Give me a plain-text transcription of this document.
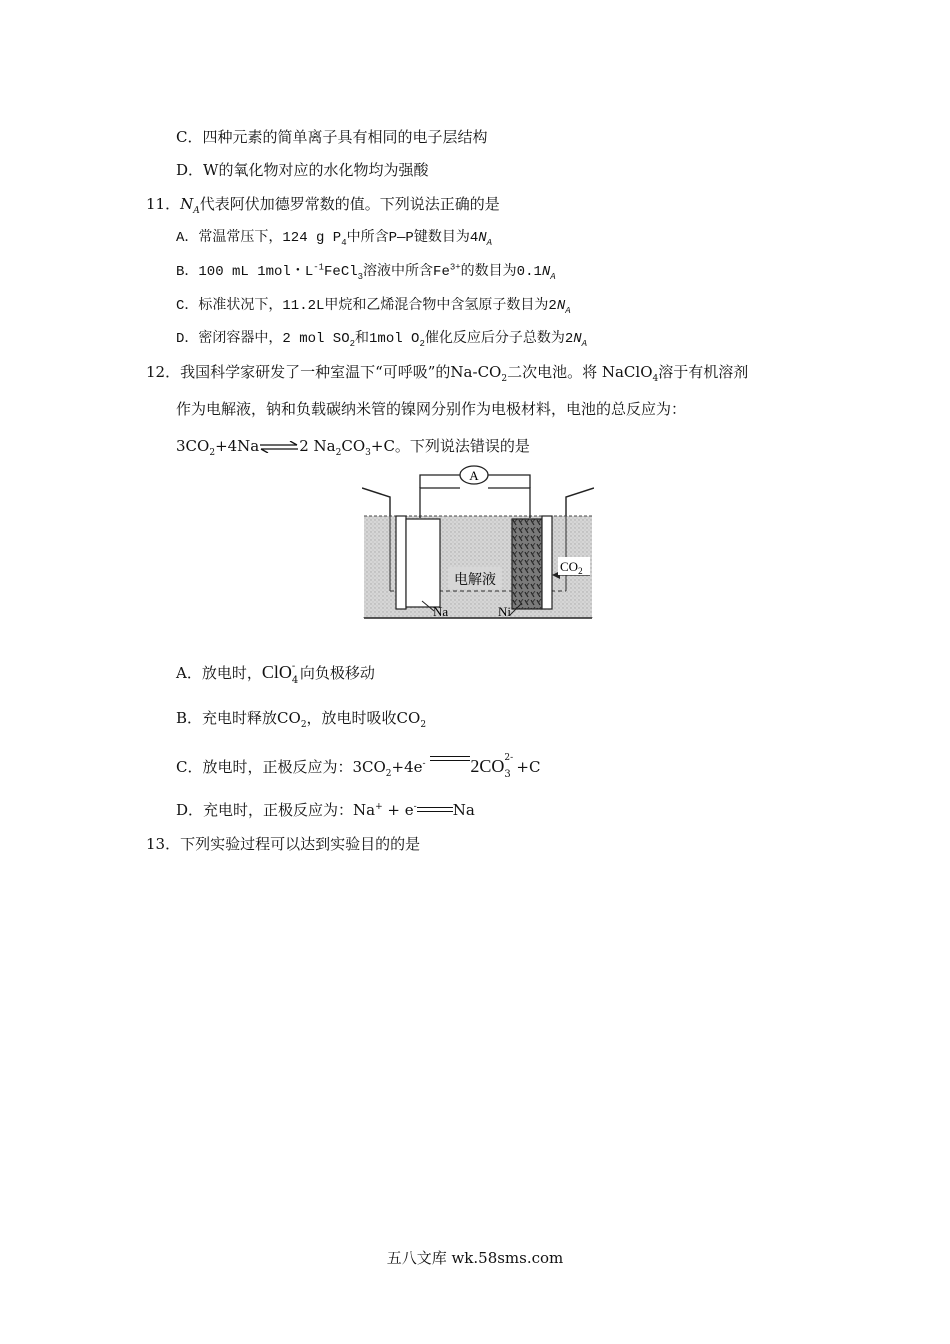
C．四种元素的简单离子具有相同的电子层结构
D．W的氧化物对应的水化物均为强酸
11．$N_A$代表阿伏加德罗常数的值。下列说法正确的是
A．常温常压下，124 g $P_4$中所含P—P键数目为$4N_A$
B．100 mL 1mol・$L^{-1}FeCl_3$溶液中所含$Fe^{3+}$的数目为$0.1N_A$
C．标准状况下，11.2L甲烷和乙烯混合物中含氢原子数目为$2N_A$
D．密闭容器中，2 mol $SO_2$和1mol $O_2$催化反应后分子总数为$2N_A$
12．我国科学家研发了一种室温下“可呼吸”的$Na-CO_2$二次电池。将 NaClO$_4$溶于有机溶剂
作为电解液，钠和负载碳纳米管的镍网分别作为电极材料，电池的总反应为：
$3CO_2+4Na\rightleftharpoons 2$ $Na_2CO_3+C$。下列说法错误的是
A
$CO_2$
电解液
Na	Ni
A．放电时，ClO -
4 向负极移动
B．充电时释放$CO_2$，放电时吸收$CO_2$
C．放电时，正极反应为：$3CO_2+4e^-$ 2CO 2-
3 +C
D．充电时，正极反应为：Na+ + e- Na
13．下列实验过程可以达到实验目的的是
五八文库 wk.58sms.com
